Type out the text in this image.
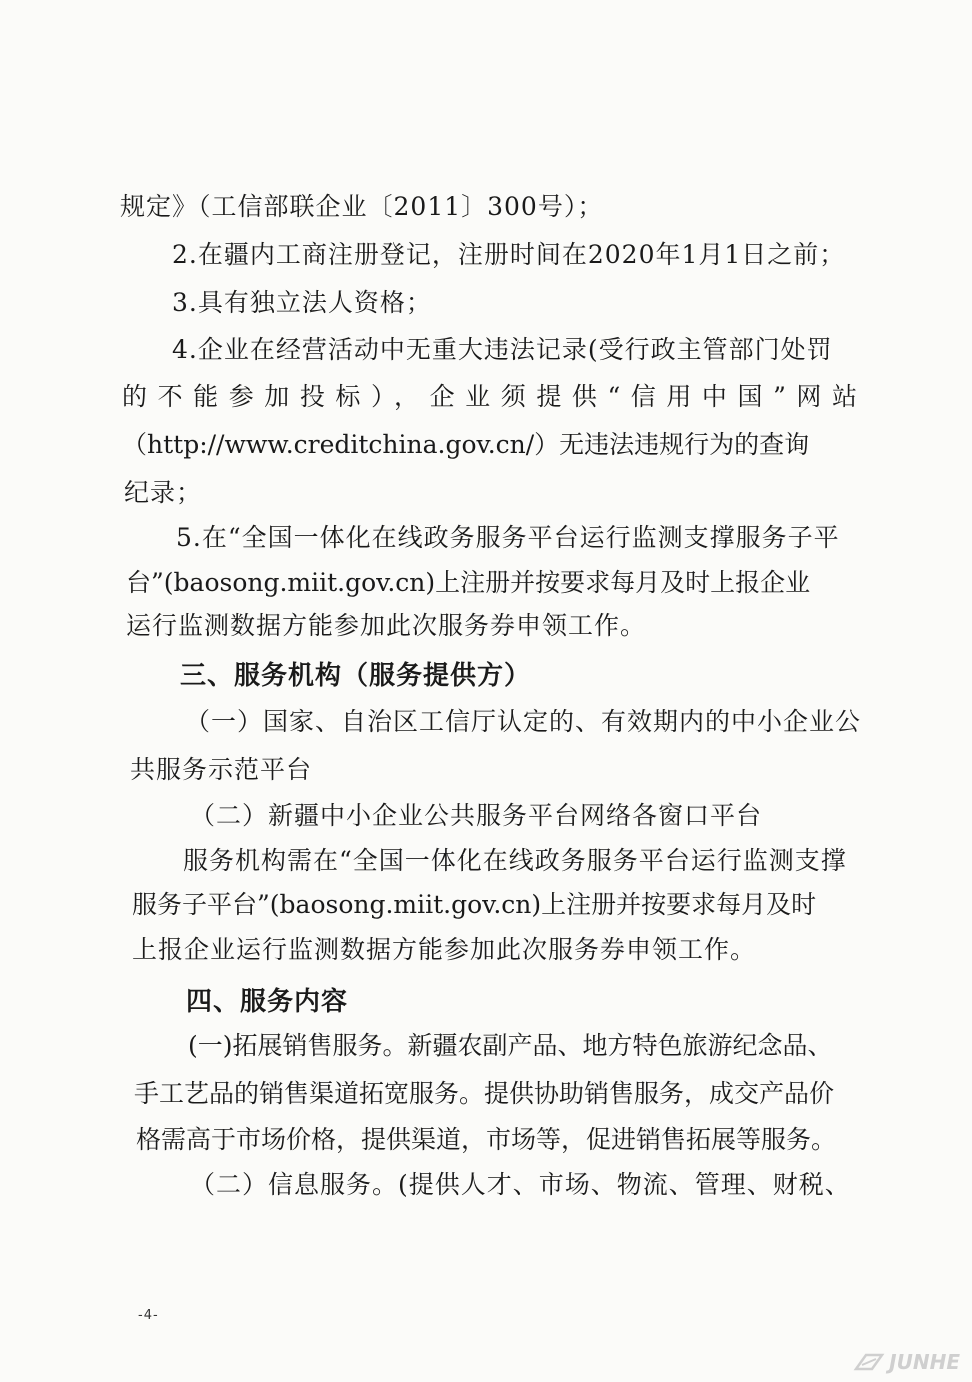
规定》（工信部联企业〔2011〕300号）；
2.在疆内工商注册登记，注册时间在2020年1月1日之前；
3.具有独立法人资格；
4.企业在经营活动中无重大违法记录(受行政主管部门处罚
的不能参加投标），企业须提供“信用中国”网站
（http://www.creditchina.gov.cn/）无违法违规行为的查询
纪录；
5.在“全国一体化在线政务服务平台运行监测支撑服务子平
台”(baosong.miit.gov.cn)上注册并按要求每月及时上报企业
运行监测数据方能参加此次服务券申领工作。
三、服务机构（服务提供方）
（一）国家、自治区工信厅认定的、有效期内的中小企业公
共服务示范平台
（二）新疆中小企业公共服务平台网络各窗口平台
服务机构需在“全国一体化在线政务服务平台运行监测支撑
服务子平台”(baosong.miit.gov.cn)上注册并按要求每月及时
上报企业运行监测数据方能参加此次服务券申领工作。
四、服务内容
(一)拓展销售服务。新疆农副产品、地方特色旅游纪念品、
手工艺品的销售渠道拓宽服务。提供协助销售服务，成交产品价
格需高于市场价格，提供渠道，市场等，促进销售拓展等服务。
（二）信息服务。(提供人才、市场、物流、管理、财税、
-4-
JUNHE
